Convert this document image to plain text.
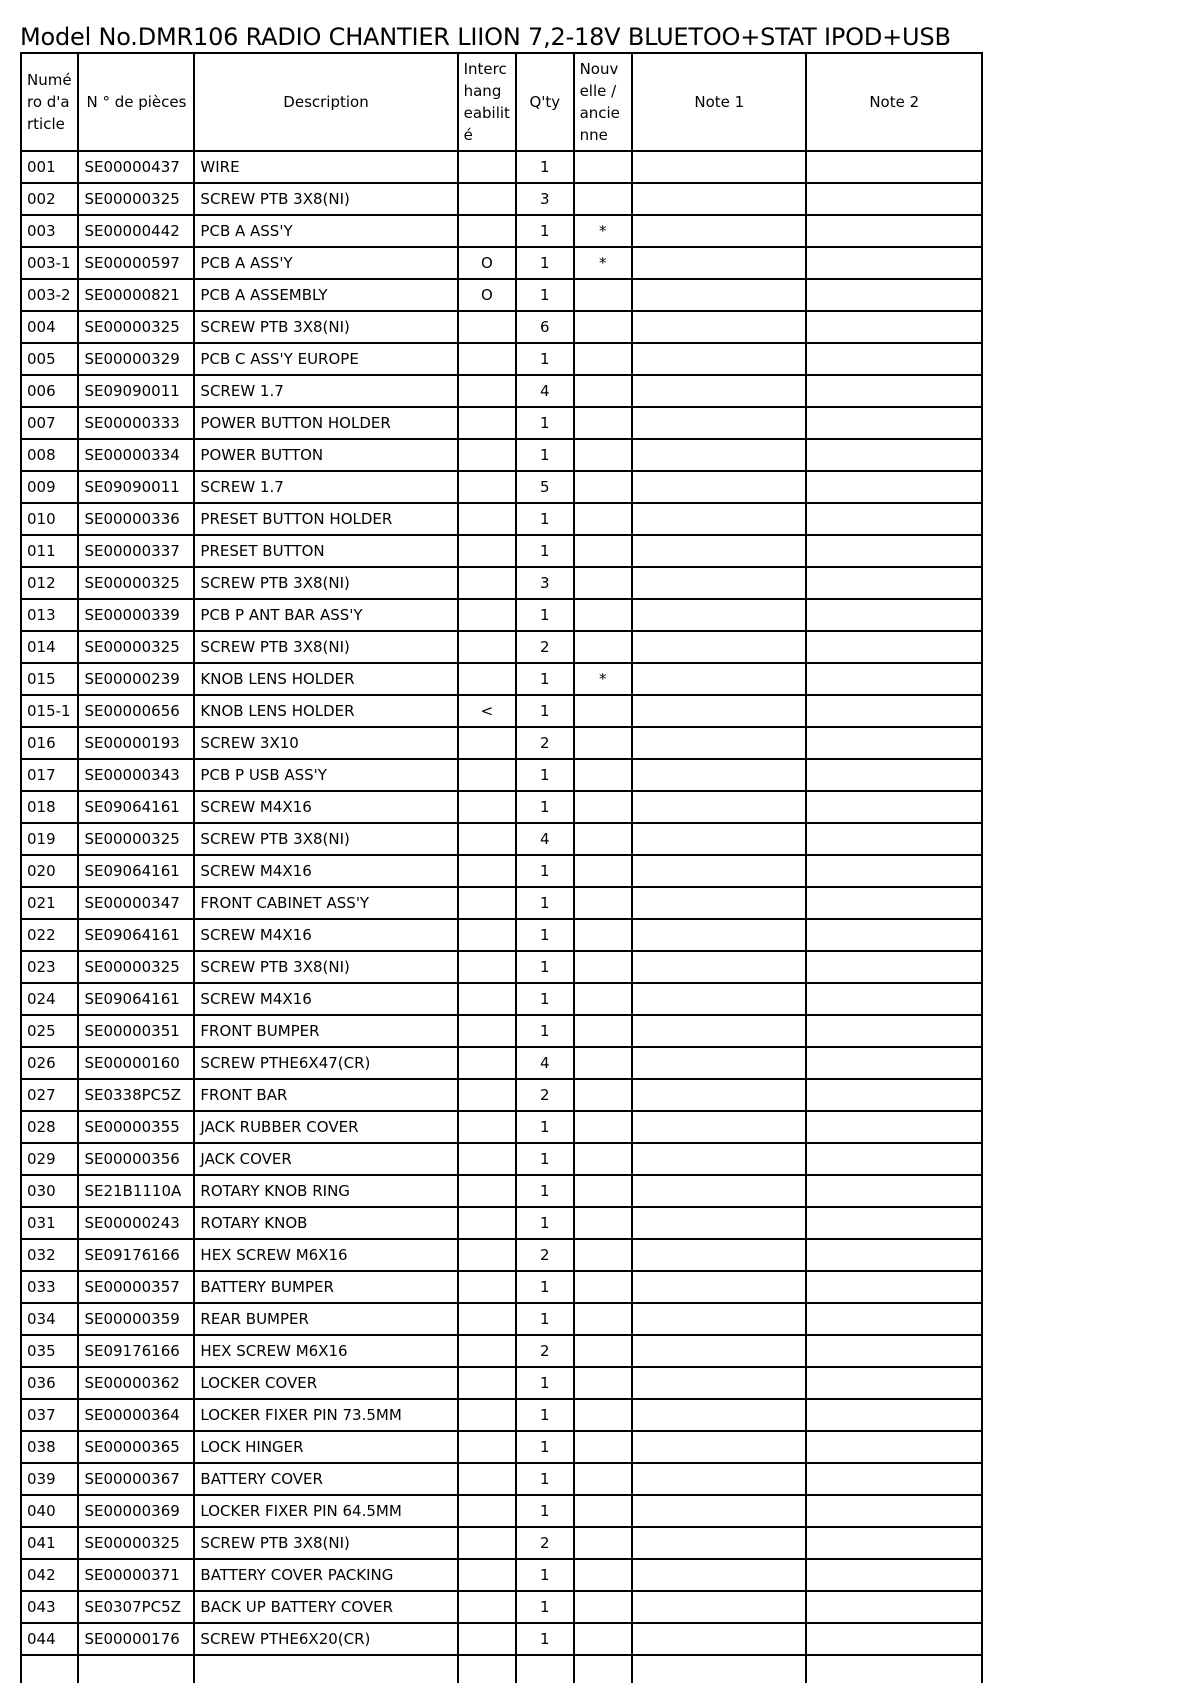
Model No.DMR106 RADIO CHANTIER LIION 7,2-18V BLUETOO+STAT IPOD+USB
Numé ro d'a rticle	N ° de pièces	Description	Interc hang eabilit é	Q'ty	Nouv elle / ancie nne	Note 1	Note 2
001	SE00000437	WIRE		1			
002	SE00000325	SCREW PTB 3X8(NI)		3			
003	SE00000442	PCB A ASS'Y		1	*		
003-1	SE00000597	PCB A ASS'Y	O	1	*		
003-2	SE00000821	PCB A ASSEMBLY	O	1			
004	SE00000325	SCREW PTB 3X8(NI)		6			
005	SE00000329	PCB C ASS'Y EUROPE		1			
006	SE09090011	SCREW 1.7		4			
007	SE00000333	POWER BUTTON HOLDER		1			
008	SE00000334	POWER BUTTON		1			
009	SE09090011	SCREW 1.7		5			
010	SE00000336	PRESET BUTTON HOLDER		1			
011	SE00000337	PRESET BUTTON		1			
012	SE00000325	SCREW PTB 3X8(NI)		3			
013	SE00000339	PCB P ANT BAR ASS'Y		1			
014	SE00000325	SCREW PTB 3X8(NI)		2			
015	SE00000239	KNOB LENS HOLDER		1	*		
015-1	SE00000656	KNOB LENS HOLDER	<	1			
016	SE00000193	SCREW 3X10		2			
017	SE00000343	PCB P USB ASS'Y		1			
018	SE09064161	SCREW M4X16		1			
019	SE00000325	SCREW PTB 3X8(NI)		4			
020	SE09064161	SCREW M4X16		1			
021	SE00000347	FRONT CABINET ASS'Y		1			
022	SE09064161	SCREW M4X16		1			
023	SE00000325	SCREW PTB 3X8(NI)		1			
024	SE09064161	SCREW M4X16		1			
025	SE00000351	FRONT BUMPER		1			
026	SE00000160	SCREW PTHE6X47(CR)		4			
027	SE0338PC5Z	FRONT BAR		2			
028	SE00000355	JACK RUBBER COVER		1			
029	SE00000356	JACK COVER		1			
030	SE21B1110A	ROTARY KNOB RING		1			
031	SE00000243	ROTARY KNOB		1			
032	SE09176166	HEX SCREW M6X16		2			
033	SE00000357	BATTERY BUMPER		1			
034	SE00000359	REAR BUMPER		1			
035	SE09176166	HEX SCREW M6X16		2			
036	SE00000362	LOCKER COVER		1			
037	SE00000364	LOCKER FIXER PIN 73.5MM		1			
038	SE00000365	LOCK HINGER		1			
039	SE00000367	BATTERY COVER		1			
040	SE00000369	LOCKER FIXER PIN 64.5MM		1			
041	SE00000325	SCREW PTB 3X8(NI)		2			
042	SE00000371	BATTERY COVER PACKING		1			
043	SE0307PC5Z	BACK UP BATTERY COVER		1			
044	SE00000176	SCREW PTHE6X20(CR)		1			
